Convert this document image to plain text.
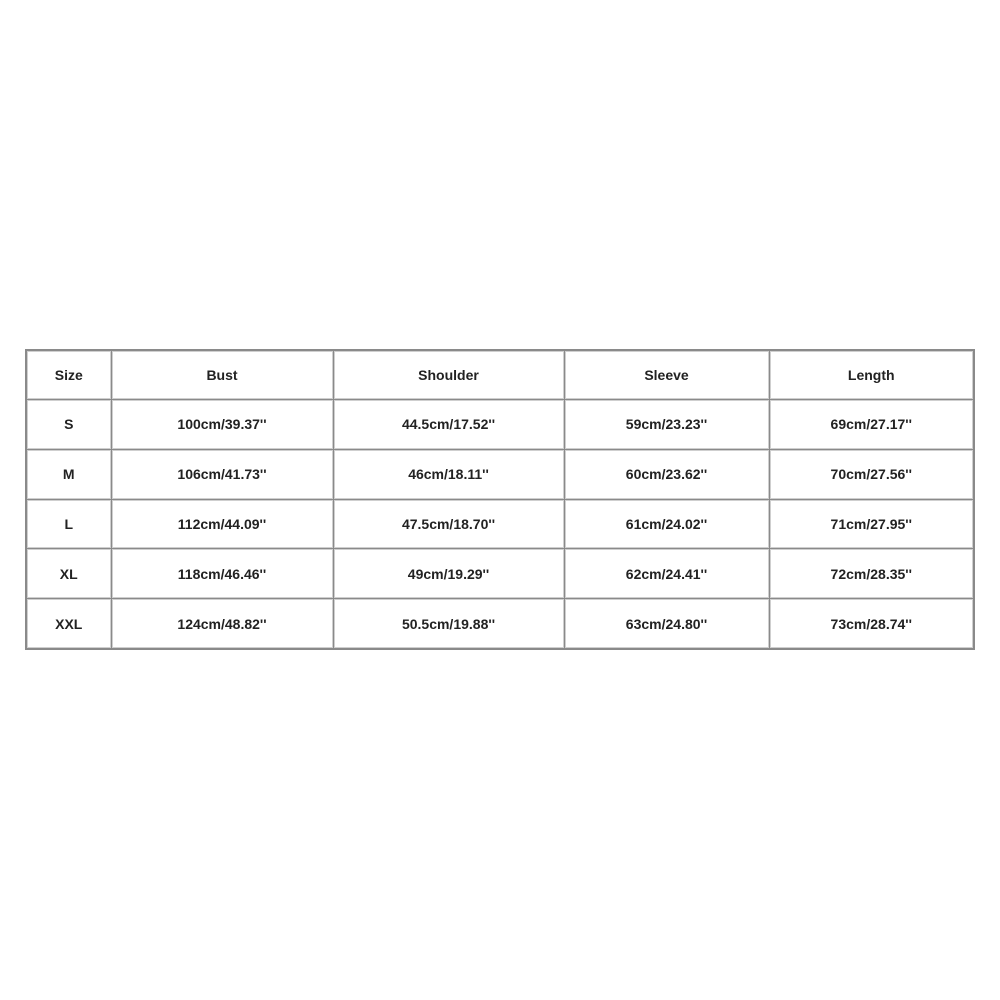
Size	Bust	Shoulder	Sleeve	Length
S	100cm/39.37''	44.5cm/17.52''	59cm/23.23''	69cm/27.17''
M	106cm/41.73''	46cm/18.11''	60cm/23.62''	70cm/27.56''
L	112cm/44.09''	47.5cm/18.70''	61cm/24.02''	71cm/27.95''
XL	118cm/46.46''	49cm/19.29''	62cm/24.41''	72cm/28.35''
XXL	124cm/48.82''	50.5cm/19.88''	63cm/24.80''	73cm/28.74''
